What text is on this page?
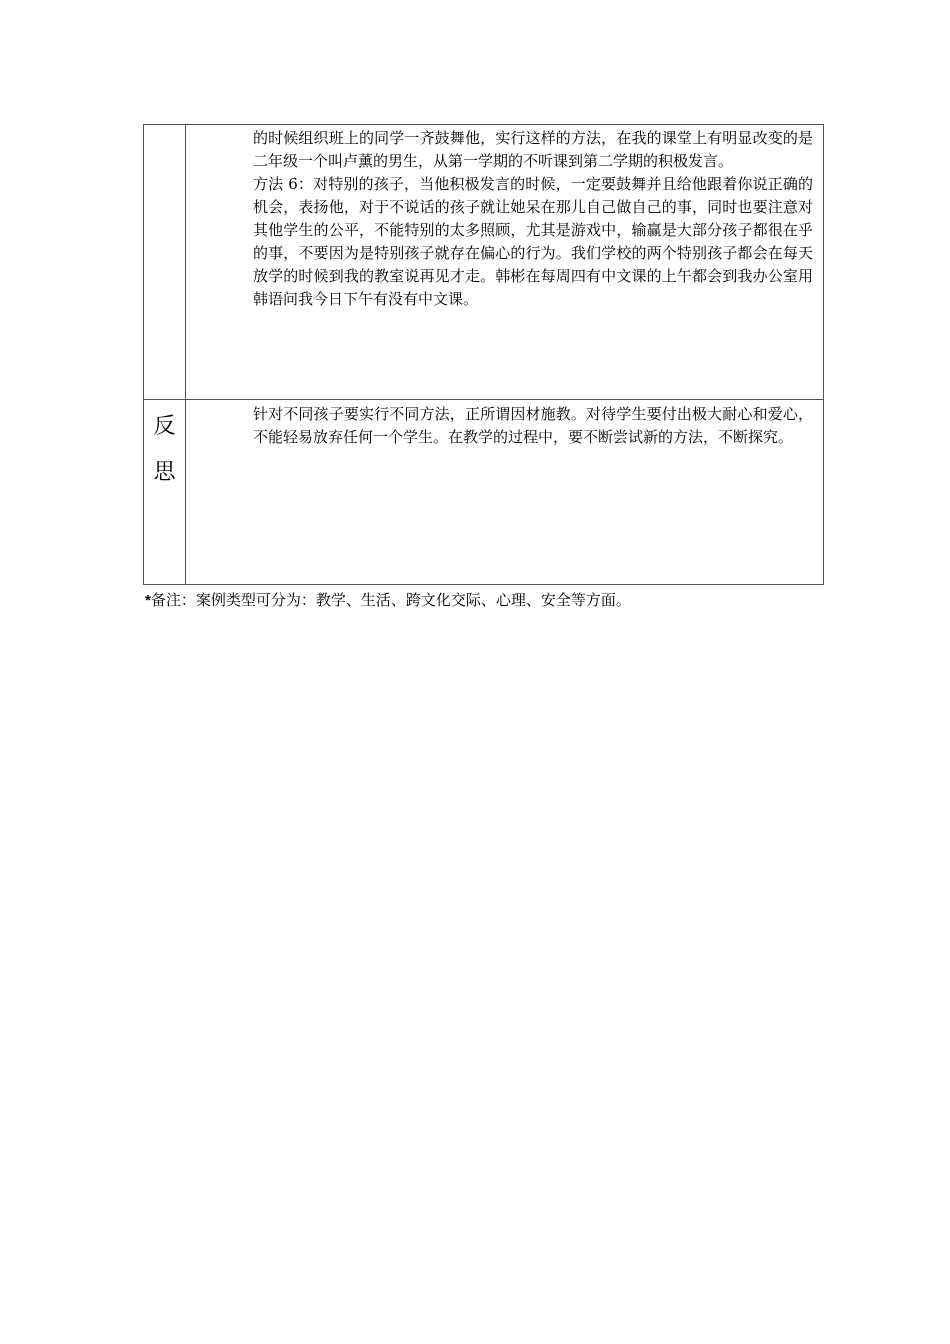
	的时候组织班上的同学一齐鼓舞他，实行这样的方法，在我的课堂上有明显改变的是二年级一个叫卢薰的男生，从第一学期的不听课到第二学期的积极发言。

方法 6：对特别的孩子，当他积极发言的时候，一定要鼓舞并且给他跟着你说正确的机会，表扬他，对于不说话的孩子就让她呆在那儿自己做自己的事，同时也要注意对其他学生的公平，不能特别的太多照顾，尤其是游戏中，输赢是大部分孩子都很在乎的事，不要因为是特别孩子就存在偏心的行为。我们学校的两个特别孩子都会在每天放学的时候到我的教室说再见才走。韩彬在每周四有中文课的上午都会到我办公室用韩语问我今日下午有没有中文课。

反
思	针对不同孩子要实行不同方法，正所谓因材施教。对待学生要付出极大耐心和爱心，不能轻易放弃任何一个学生。在教学的过程中，要不断尝试新的方法，不断探究。

*备注：案例类型可分为：教学、生活、跨文化交际、心理、安全等方面。
